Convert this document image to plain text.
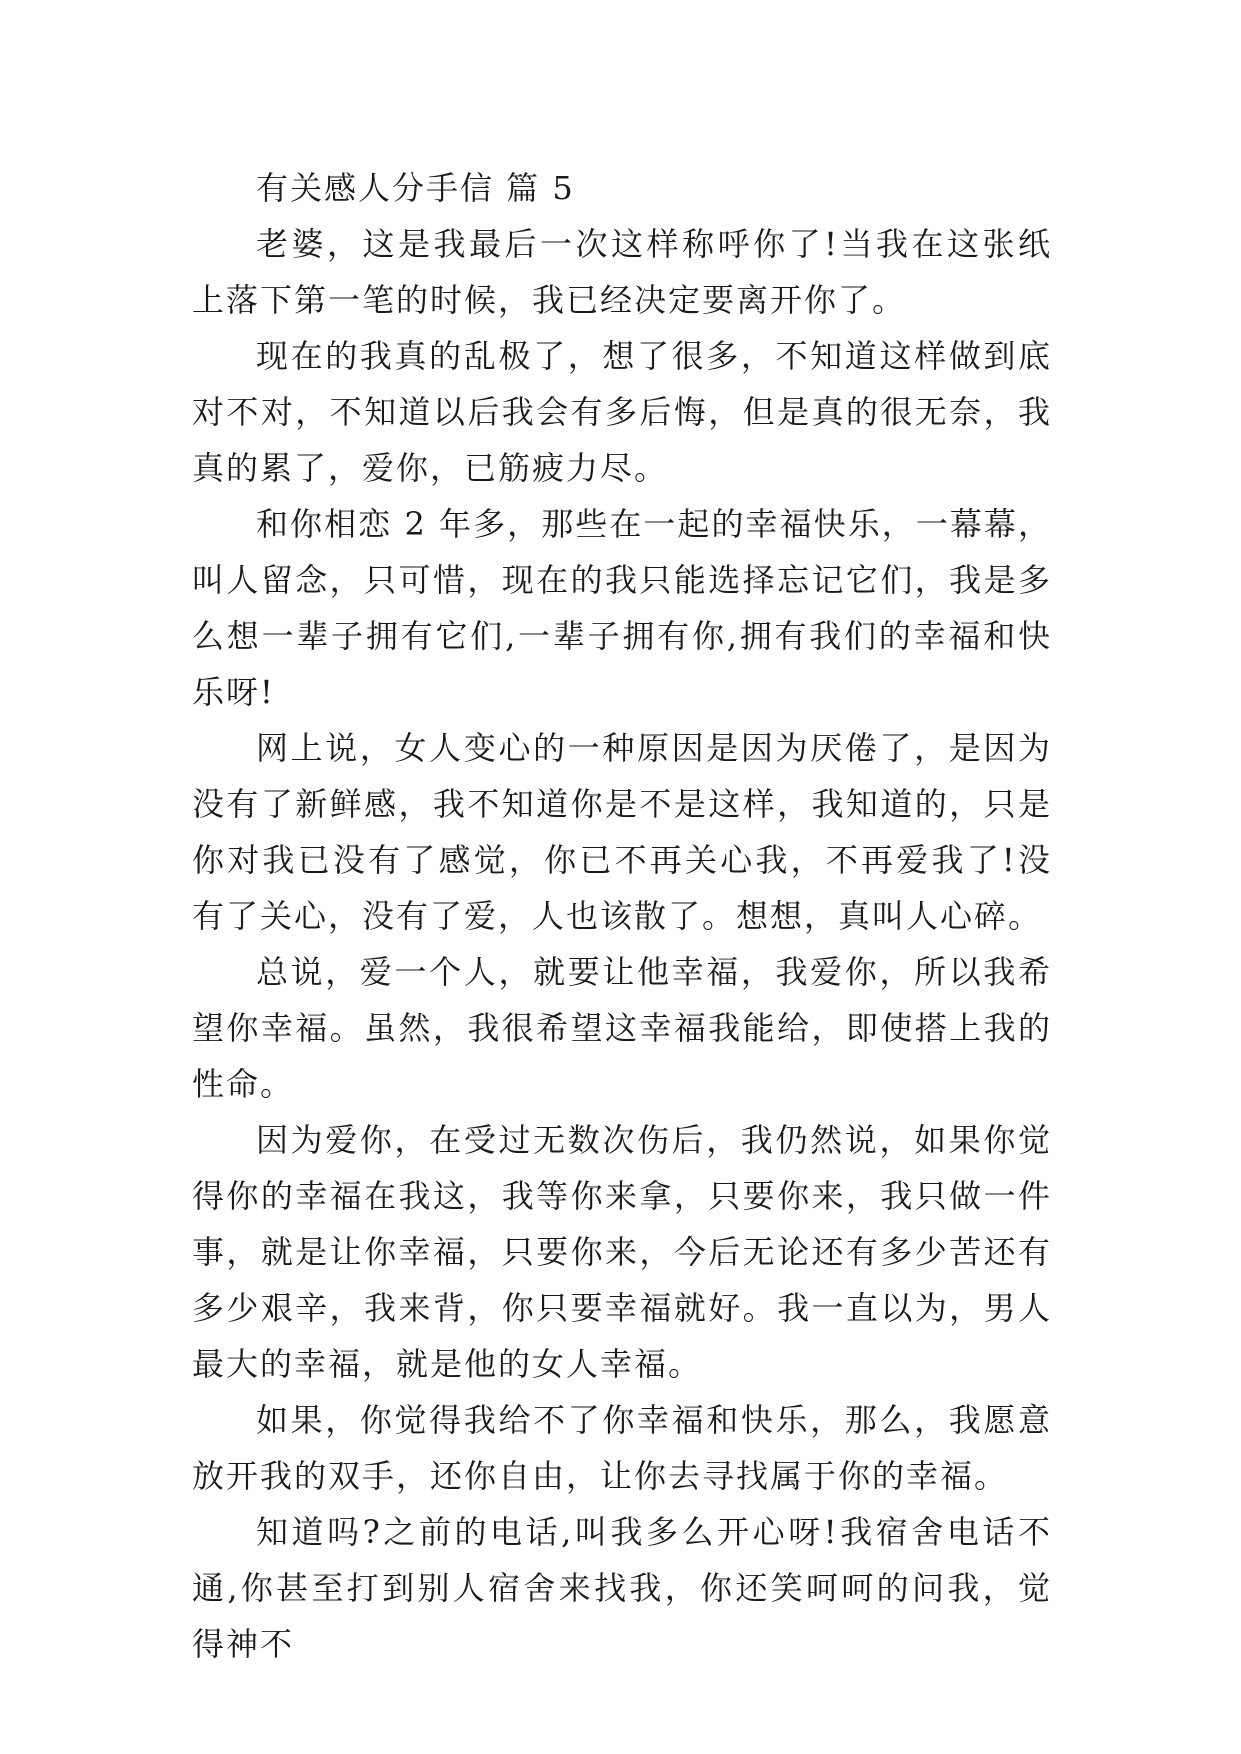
有关感人分手信 篇 5

老婆，这是我最后一次这样称呼你了!当我在这张纸上落下第一笔的时候，我已经决定要离开你了。

现在的我真的乱极了，想了很多，不知道这样做到底对不对，不知道以后我会有多后悔，但是真的很无奈，我真的累了，爱你，已筋疲力尽。

和你相恋 2 年多，那些在一起的幸福快乐，一幕幕，叫人留念，只可惜，现在的我只能选择忘记它们，我是多么想一辈子拥有它们,一辈子拥有你,拥有我们的幸福和快乐呀!

网上说，女人变心的一种原因是因为厌倦了，是因为没有了新鲜感，我不知道你是不是这样，我知道的，只是你对我已没有了感觉，你已不再关心我，不再爱我了!没有了关心，没有了爱，人也该散了。想想，真叫人心碎。

总说，爱一个人，就要让他幸福，我爱你，所以我希望你幸福。虽然，我很希望这幸福我能给，即使搭上我的性命。

因为爱你，在受过无数次伤后，我仍然说，如果你觉得你的幸福在我这，我等你来拿，只要你来，我只做一件事，就是让你幸福，只要你来，今后无论还有多少苦还有多少艰辛，我来背，你只要幸福就好。我一直以为，男人最大的幸福，就是他的女人幸福。

如果，你觉得我给不了你幸福和快乐，那么，我愿意放开我的双手，还你自由，让你去寻找属于你的幸福。

知道吗?之前的电话,叫我多么开心呀!我宿舍电话不通,你甚至打到别人宿舍来找我，你还笑呵呵的问我，觉得神不
